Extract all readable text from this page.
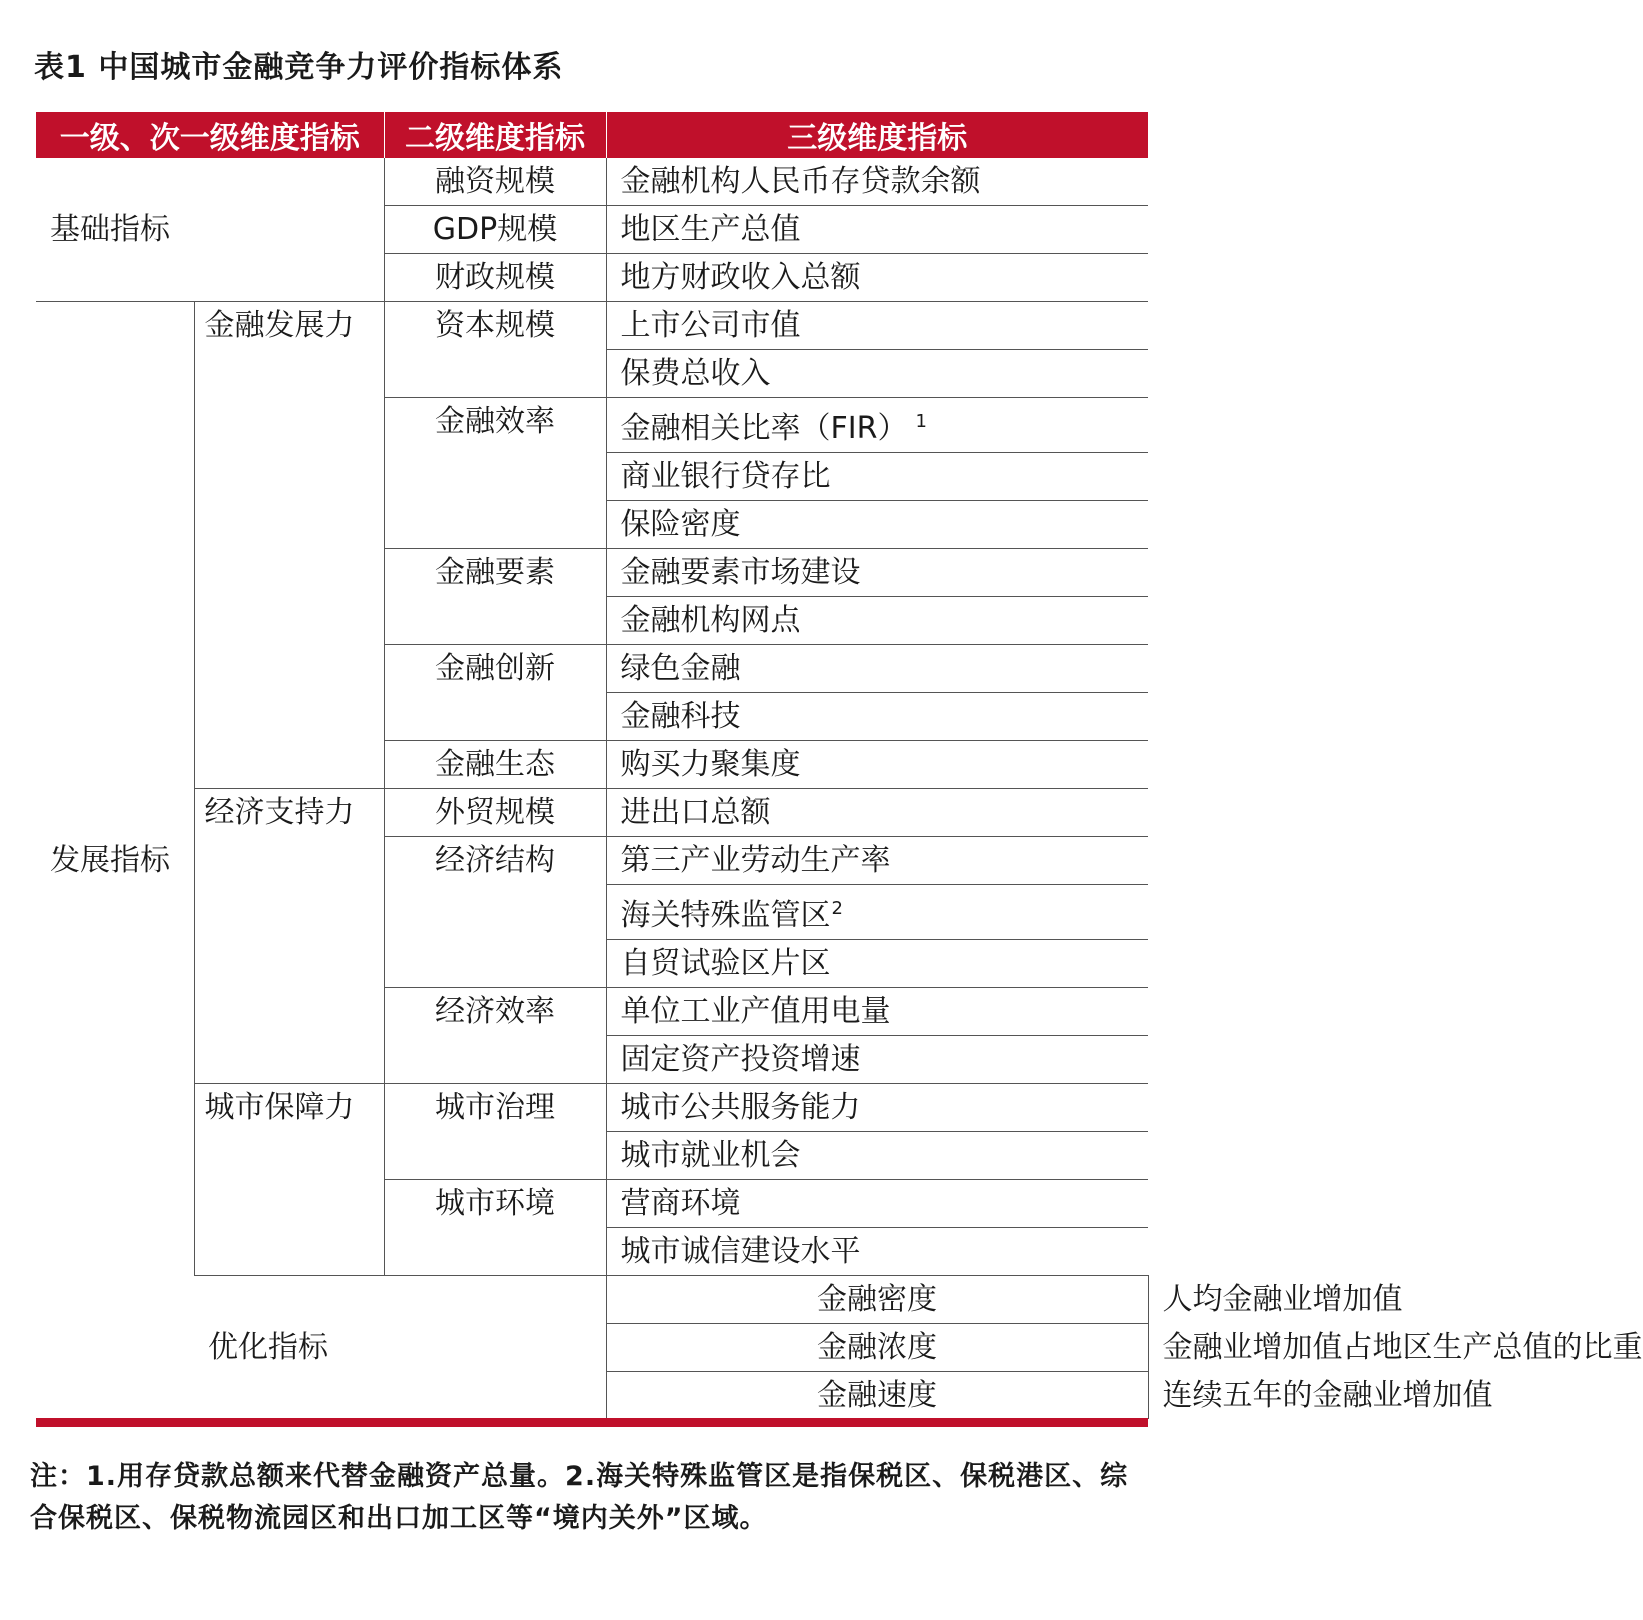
表1 中国城市金融竞争力评价指标体系
一级、次一级维度指标		二级维度指标	三级维度指标	
基础指标		融资规模	金融机构人民币存贷款余额	
		GDP规模	地区生产总值	
		财政规模	地方财政收入总额	
发展指标	金融发展力	资本规模	上市公司市值	
			保费总收入	
		金融效率	金融相关比率（FIR） $^1$
			商业银行贷存比	
			保险密度	
		金融要素	金融要素市场建设	
			金融机构网点	
		金融创新	绿色金融	
			金融科技	
		金融生态	购买力聚集度	
	经济支持力	外贸规模	进出口总额	
		经济结构	第三产业劳动生产率	
			海关特殊监管区$^2$
			自贸试验区片区	
		经济效率	单位工业产值用电量	
			固定资产投资增速	
	城市保障力	城市治理	城市公共服务能力	
			城市就业机会	
		城市环境	营商环境	
			城市诚信建设水平	
	优化指标		金融密度	人均金融业增加值
			金融浓度	金融业增加值占地区生产总值的比重
			金融速度	连续五年的金融业增加值
注：1.用存贷款总额来代替金融资产总量。2.海关特殊监管区是指保税区、保税港区、综合保税区、保税物流园区和出口加工区等“境内关外”区域。
